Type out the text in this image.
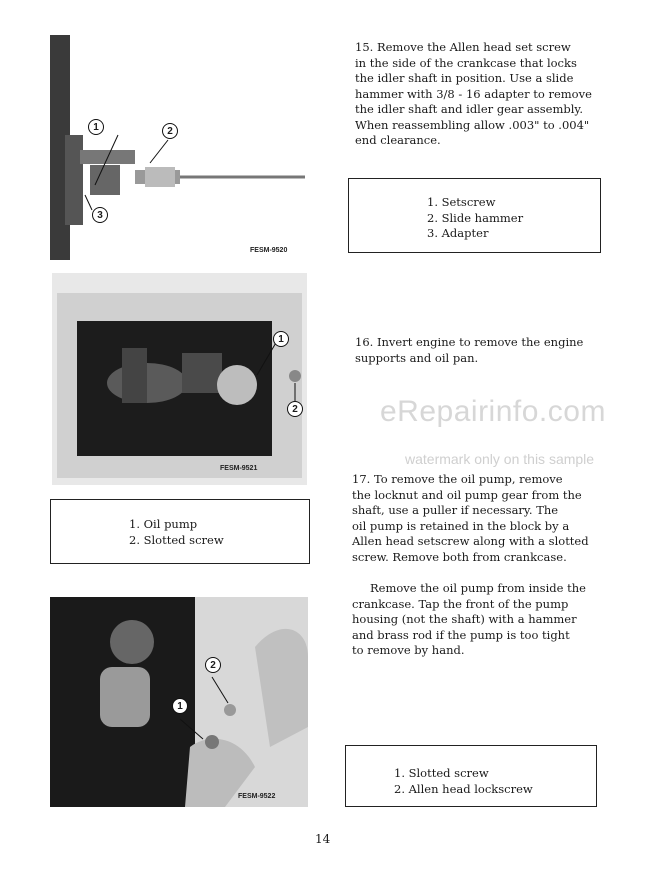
FESM-9520
1	2
3
15. Remove the Allen head set screw
in the side of the crankcase that locks
the idler shaft in position. Use a slide
hammer with 3/8 - 16 adapter to remove
the idler shaft and idler gear assembly.
When reassembling allow .003" to .004"
end clearance.
1. Setscrew
2. Slide hammer
3. Adapter
FESM-9521
1
2
16. Invert engine to remove the engine
supports and oil pan.
eRepairinfo.com
watermark only on this sample
1. Oil pump
2. Slotted screw
17. To remove the oil pump, remove
the locknut and oil pump gear from the
shaft, use a puller if necessary. The
oil pump is retained in the block by a
Allen head setscrew along with a slotted
screw. Remove both from crankcase.
Remove the oil pump from inside the
crankcase. Tap the front of the pump
housing (not the shaft) with a hammer
and brass rod if the pump is too tight
to remove by hand.
FESM-9522
1
2
1. Slotted screw
2. Allen head lockscrew
14
